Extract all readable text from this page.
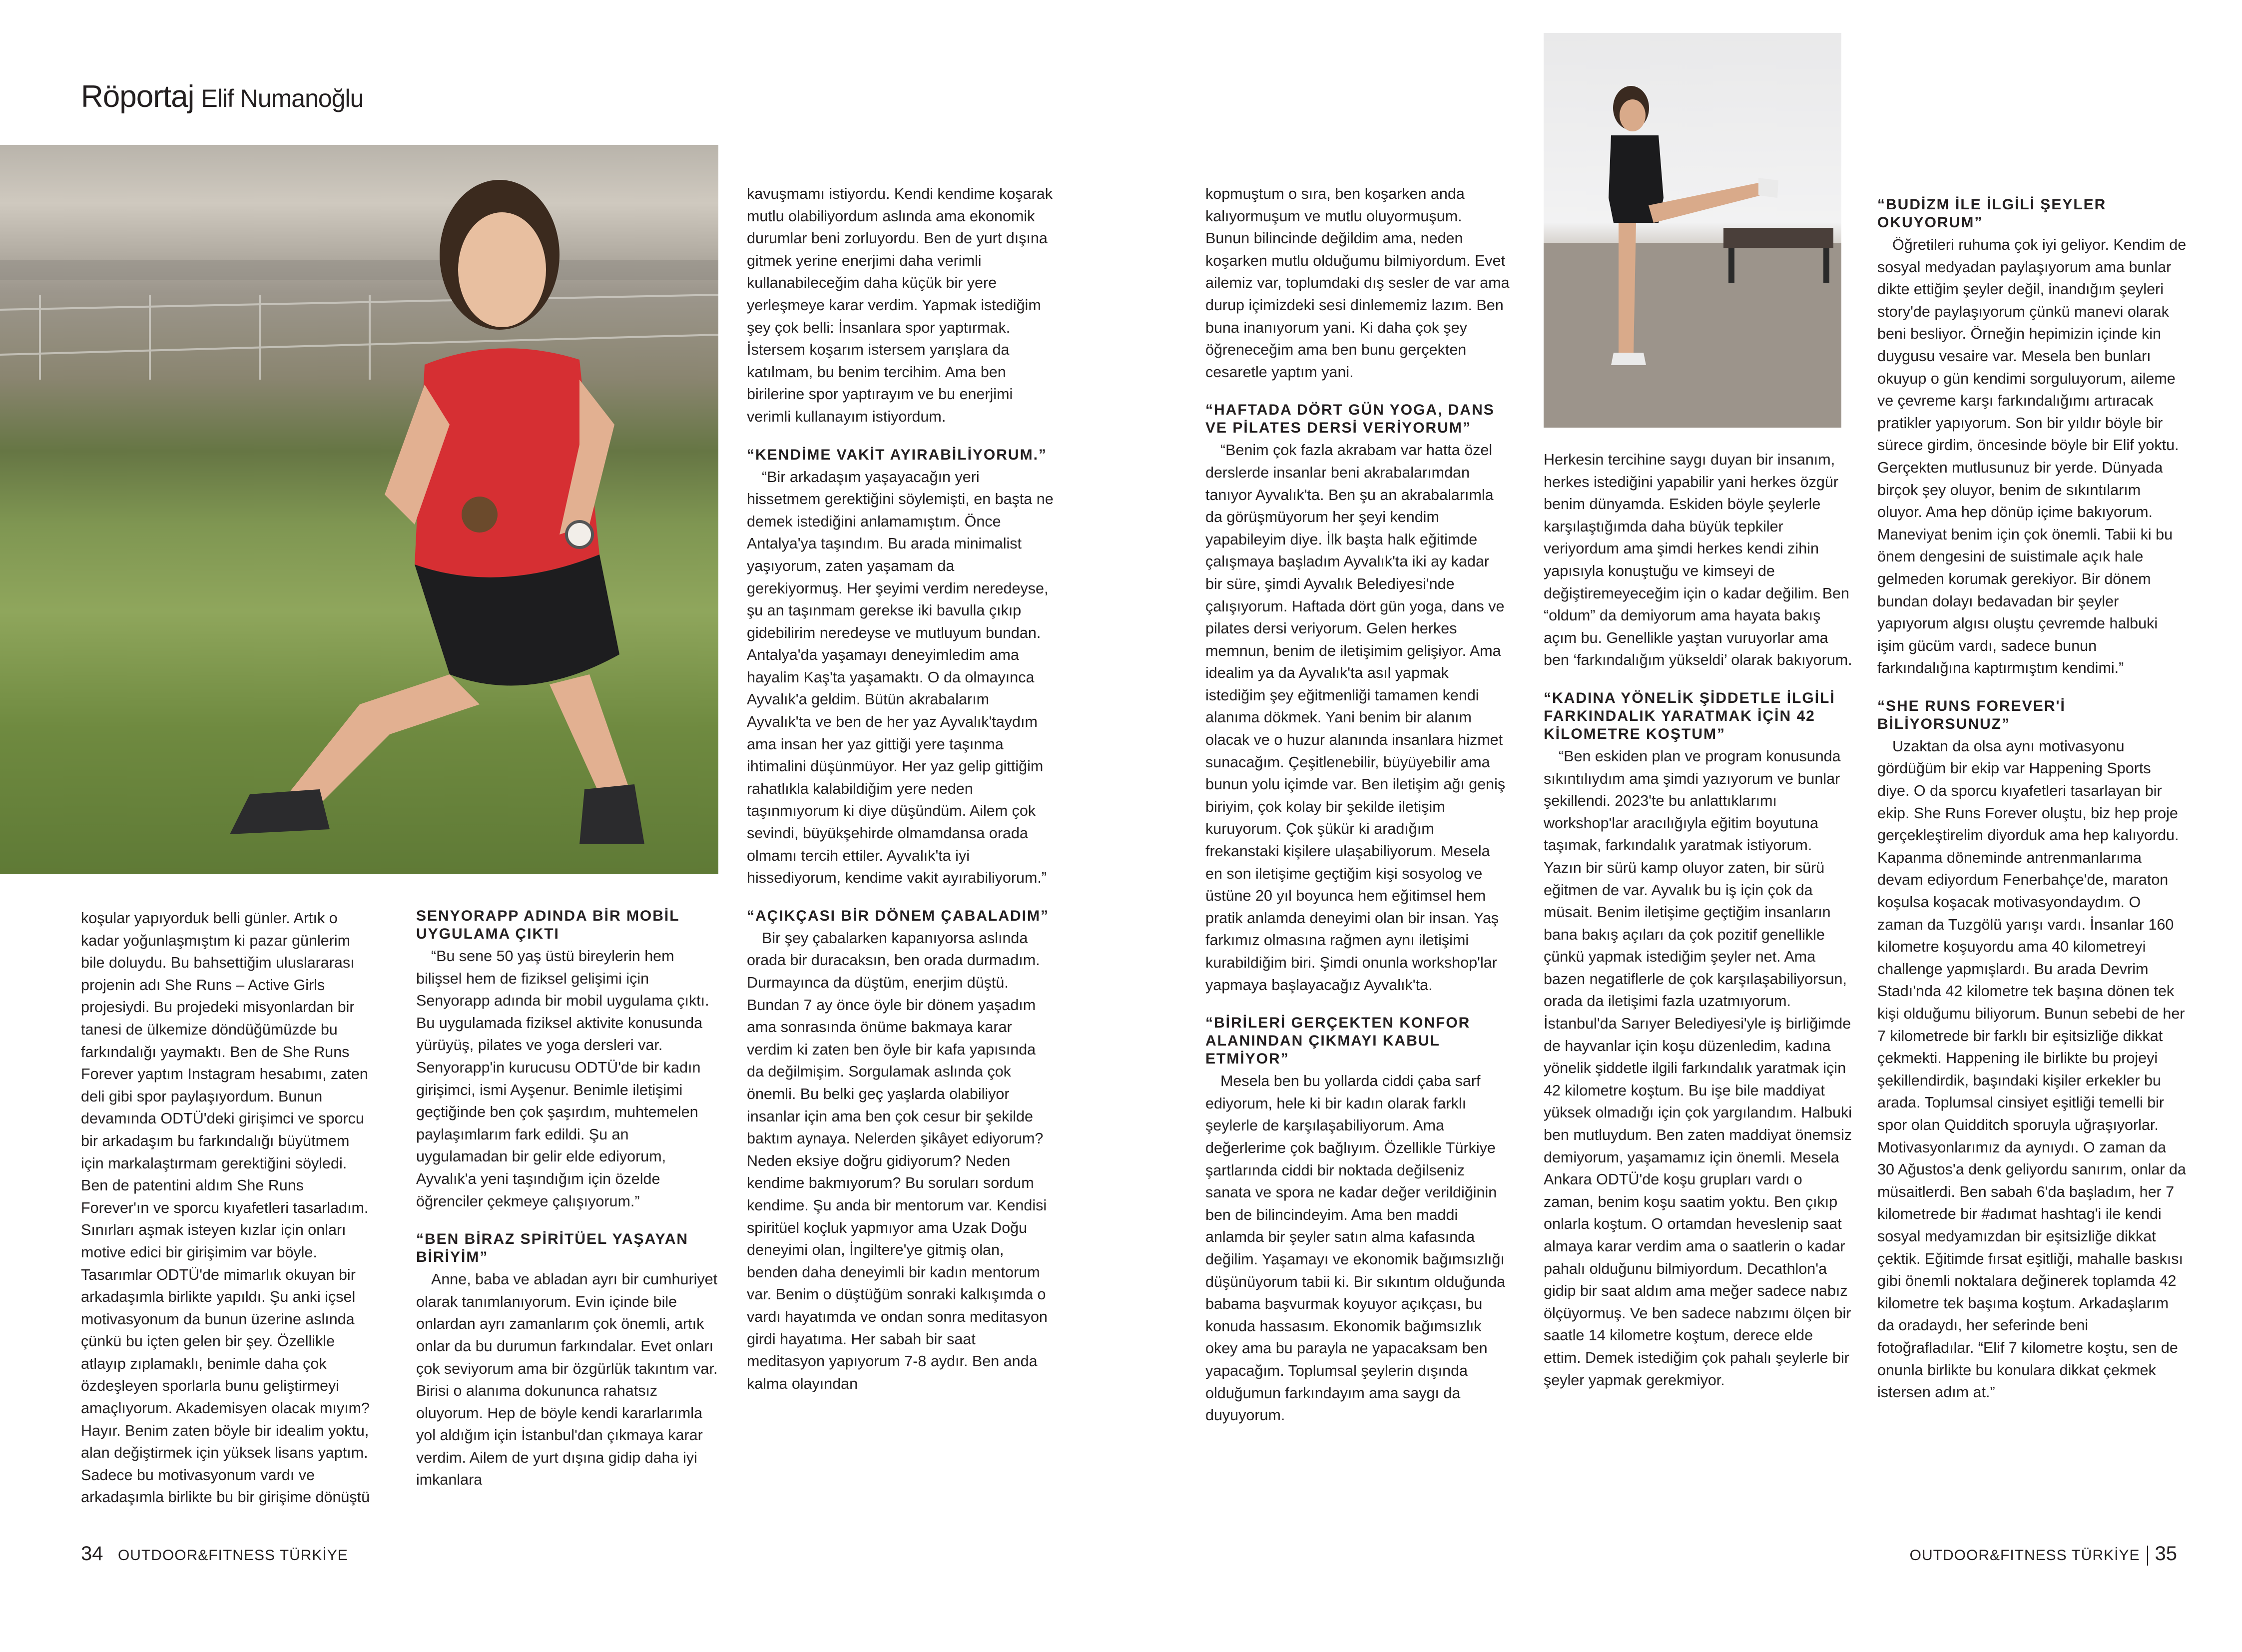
Röportaj Elif Numanoğlu

koşular yapıyorduk belli günler. Artık o kadar yoğunlaşmıştım ki pazar günlerim bile doluydu. Bu bahsettiğim uluslararası projenin adı She Runs – Active Girls projesiydi. Bu projedeki misyonlardan bir tanesi de ülkemize döndüğümüzde bu farkındalığı yaymaktı. Ben de She Runs Forever yaptım Instagram hesabımı, zaten deli gibi spor paylaşıyordum. Bunun devamında ODTÜ'deki girişimci ve sporcu bir arkadaşım bu farkındalığı büyütmem için markalaştırmam gerektiğini söyledi. Ben de patentini aldım She Runs Forever'ın ve sporcu kıyafetleri tasarladım. Sınırları aşmak isteyen kızlar için onları motive edici bir girişimim var böyle. Tasarımlar ODTÜ'de mimarlık okuyan bir arkadaşımla birlikte yapıldı. Şu anki içsel motivasyonum da bunun üzerine aslında çünkü bu içten gelen bir şey. Özellikle atlayıp zıplamaklı, benimle daha çok özdeşleyen sporlarla bunu geliştirmeyi amaçlıyorum. Akademisyen olacak mıyım? Hayır. Benim zaten böyle bir idealim yoktu, alan değiştirmek için yüksek lisans yaptım. Sadece bu motivasyonum vardı ve arkadaşımla birlikte bu bir girişime dönüştü

SENYORAPP ADINDA BİR MOBİL UYGULAMA ÇIKTI

“Bu sene 50 yaş üstü bireylerin hem bilişsel hem de fiziksel gelişimi için Senyorapp adında bir mobil uygulama çıktı. Bu uygulamada fiziksel aktivite konusunda yürüyüş, pilates ve yoga dersleri var. Senyorapp'in kurucusu ODTÜ'de bir kadın girişimci, ismi Ayşenur. Benimle iletişimi geçtiğinde ben çok şaşırdım, muhtemelen paylaşımlarım fark edildi. Şu an uygulamadan bir gelir elde ediyorum, Ayvalık'a yeni taşındığım için özelde öğrenciler çekmeye çalışıyorum.”

“BEN BİRAZ SPİRİTÜEL YAŞAYAN BİRİYİM”

Anne, baba ve abladan ayrı bir cumhuriyet olarak tanımlanıyorum. Evin içinde bile onlardan ayrı zamanlarım çok önemli, artık onlar da bu durumun farkındalar. Evet onları çok seviyorum ama bir özgürlük takıntım var. Birisi o alanıma dokununca rahatsız oluyorum. Hep de böyle kendi kararlarımla yol aldığım için İstanbul'dan çıkmaya karar verdim. Ailem de yurt dışına gidip daha iyi imkanlara

kavuşmamı istiyordu. Kendi kendime koşarak mutlu olabiliyordum aslında ama ekonomik durumlar beni zorluyordu. Ben de yurt dışına gitmek yerine enerjimi daha verimli kullanabileceğim daha küçük bir yere yerleşmeye karar verdim. Yapmak istediğim şey çok belli: İnsanlara spor yaptırmak. İstersem koşarım istersem yarışlara da katılmam, bu benim tercihim. Ama ben birilerine spor yaptırayım ve bu enerjimi verimli kullanayım istiyordum.

“KENDİME VAKİT AYIRABİLİYORUM.”

“Bir arkadaşım yaşayacağın yeri hissetmem gerektiğini söylemişti, en başta ne demek istediğini anlamamıştım. Önce Antalya'ya taşındım. Bu arada minimalist yaşıyorum, zaten yaşamam da gerekiyormuş. Her şeyimi verdim neredeyse, şu an taşınmam gerekse iki bavulla çıkıp gidebilirim neredeyse ve mutluyum bundan. Antalya'da yaşamayı deneyimledim ama hayalim Kaş'ta yaşamaktı. O da olmayınca Ayvalık'a geldim. Bütün akrabalarım Ayvalık'ta ve ben de her yaz Ayvalık'taydım ama insan her yaz gittiği yere taşınma ihtimalini düşünmüyor. Her yaz gelip gittiğim rahatlıkla kalabildiğim yere neden taşınmıyorum ki diye düşündüm. Ailem çok sevindi, büyükşehirde olmamdansa orada olmamı tercih ettiler. Ayvalık'ta iyi hissediyorum, kendime vakit ayırabiliyorum.”

“AÇIKÇASI BİR DÖNEM ÇABALADIM”

Bir şey çabalarken kapanıyorsa aslında orada bir duracaksın, ben orada durmadım. Durmayınca da düştüm, enerjim düştü. Bundan 7 ay önce öyle bir dönem yaşadım ama sonrasında önüme bakmaya karar verdim ki zaten ben öyle bir kafa yapısında da değilmişim. Sorgulamak aslında çok önemli. Bu belki geç yaşlarda olabiliyor insanlar için ama ben çok cesur bir şekilde baktım aynaya. Nelerden şikâyet ediyorum? Neden eksiye doğru gidiyorum? Neden kendime bakmıyorum? Bu soruları sordum kendime. Şu anda bir mentorum var. Kendisi spiritüel koçluk yapmıyor ama Uzak Doğu deneyimi olan, İngiltere'ye gitmiş olan, benden daha deneyimli bir kadın mentorum var. Benim o düştüğüm sonraki kalkışımda o vardı hayatımda ve ondan sonra meditasyon girdi hayatıma. Her sabah bir saat meditasyon yapıyorum 7-8 aydır. Ben anda kalma olayından

34 OUTDOOR&FITNESS TÜRKİYE

kopmuştum o sıra, ben koşarken anda kalıyormuşum ve mutlu oluyormuşum. Bunun bilincinde değildim ama, neden koşarken mutlu olduğumu bilmiyordum. Evet ailemiz var, toplumdaki dış sesler de var ama durup içimizdeki sesi dinlememiz lazım. Ben buna inanıyorum yani. Ki daha çok şey öğreneceğim ama ben bunu gerçekten cesaretle yaptım yani.

“HAFTADA DÖRT GÜN YOGA, DANS VE PİLATES DERSİ VERİYORUM”

“Benim çok fazla akrabam var hatta özel derslerde insanlar beni akrabalarımdan tanıyor Ayvalık'ta. Ben şu an akrabalarımla da görüşmüyorum her şeyi kendim yapabileyim diye. İlk başta halk eğitimde çalışmaya başladım Ayvalık'ta iki ay kadar bir süre, şimdi Ayvalık Belediyesi'nde çalışıyorum. Haftada dört gün yoga, dans ve pilates dersi veriyorum. Gelen herkes memnun, benim de iletişimim gelişiyor. Ama idealim ya da Ayvalık'ta asıl yapmak istediğim şey eğitmenliği tamamen kendi alanıma dökmek. Yani benim bir alanım olacak ve o huzur alanında insanlara hizmet sunacağım. Çeşitlenebilir, büyüyebilir ama bunun yolu içimde var. Ben iletişim ağı geniş biriyim, çok kolay bir şekilde iletişim kuruyorum. Çok şükür ki aradığım frekanstaki kişilere ulaşabiliyorum. Mesela en son iletişime geçtiğim kişi sosyolog ve üstüne 20 yıl boyunca hem eğitimsel hem pratik anlamda deneyimi olan bir insan. Yaş farkımız olmasına rağmen aynı iletişimi kurabildiğim biri. Şimdi onunla workshop'lar yapmaya başlayacağız Ayvalık'ta.

“BİRİLERİ GERÇEKTEN KONFOR ALANINDAN ÇIKMAYI KABUL ETMİYOR”

Mesela ben bu yollarda ciddi çaba sarf ediyorum, hele ki bir kadın olarak farklı şeylerle de karşılaşabiliyorum. Ama değerlerime çok bağlıyım. Özellikle Türkiye şartlarında ciddi bir noktada değilseniz sanata ve spora ne kadar değer verildiğinin ben de bilincindeyim. Ama ben maddi anlamda bir şeyler satın alma kafasında değilim. Yaşamayı ve ekonomik bağımsızlığı düşünüyorum tabii ki. Bir sıkıntım olduğunda babama başvurmak koyuyor açıkçası, bu konuda hassasım. Ekonomik bağımsızlık okey ama bu parayla ne yapacaksam ben yapacağım. Toplumsal şeylerin dışında olduğumun farkındayım ama saygı da duyuyorum.

Herkesin tercihine saygı duyan bir insanım, herkes istediğini yapabilir yani herkes özgür benim dünyamda. Eskiden böyle şeylerle karşılaştığımda daha büyük tepkiler veriyordum ama şimdi herkes kendi zihin yapısıyla konuştuğu ve kimseyi de değiştiremeyeceğim için o kadar değilim. Ben “oldum” da demiyorum ama hayata bakış açım bu. Genellikle yaştan vuruyorlar ama ben ‘farkındalığım yükseldi’ olarak bakıyorum.

“KADINA YÖNELİK ŞİDDETLE İLGİLİ FARKINDALIK YARATMAK İÇİN 42 KİLOMETRE KOŞTUM”

“Ben eskiden plan ve program konusunda sıkıntılıydım ama şimdi yazıyorum ve bunlar şekillendi. 2023'te bu anlattıklarımı workshop'lar aracılığıyla eğitim boyutuna taşımak, farkındalık yaratmak istiyorum. Yazın bir sürü kamp oluyor zaten, bir sürü eğitmen de var. Ayvalık bu iş için çok da müsait. Benim iletişime geçtiğim insanların bana bakış açıları da çok pozitif genellikle çünkü yapmak istediğim şeyler net. Ama bazen negatiflerle de çok karşılaşabiliyorsun, orada da iletişimi fazla uzatmıyorum. İstanbul'da Sarıyer Belediyesi'yle iş birliğimde de hayvanlar için koşu düzenledim, kadına yönelik şiddetle ilgili farkındalık yaratmak için 42 kilometre koştum. Bu işe bile maddiyat yüksek olmadığı için çok yargılandım. Halbuki ben mutluydum. Ben zaten maddiyat önemsiz demiyorum, yaşamamız için önemli. Mesela Ankara ODTÜ'de koşu grupları vardı o zaman, benim koşu saatim yoktu. Ben çıkıp onlarla koştum. O ortamdan heveslenip saat almaya karar verdim ama o saatlerin o kadar pahalı olduğunu bilmiyordum. Decathlon'a gidip bir saat aldım ama meğer sadece nabız ölçüyormuş. Ve ben sadece nabzımı ölçen bir saatle 14 kilometre koştum, derece elde ettim. Demek istediğim çok pahalı şeylerle bir şeyler yapmak gerekmiyor.

“BUDİZM İLE İLGİLİ ŞEYLER OKUYORUM”

Öğretileri ruhuma çok iyi geliyor. Kendim de sosyal medyadan paylaşıyorum ama bunlar dikte ettiğim şeyler değil, inandığım şeyleri story'de paylaşıyorum çünkü manevi olarak beni besliyor. Örneğin hepimizin içinde kin duygusu vesaire var. Mesela ben bunları okuyup o gün kendimi sorguluyorum, aileme ve çevreme karşı farkındalığımı artıracak pratikler yapıyorum. Son bir yıldır böyle bir sürece girdim, öncesinde böyle bir Elif yoktu. Gerçekten mutlusunuz bir yerde. Dünyada birçok şey oluyor, benim de sıkıntılarım oluyor. Ama hep dönüp içime bakıyorum. Maneviyat benim için çok önemli. Tabii ki bu önem dengesini de suistimale açık hale gelmeden korumak gerekiyor. Bir dönem bundan dolayı bedavadan bir şeyler yapıyorum algısı oluştu çevremde halbuki işim gücüm vardı, sadece bunun farkındalığına kaptırmıştım kendimi.”

“SHE RUNS FOREVER'İ BİLİYORSUNUZ”

Uzaktan da olsa aynı motivasyonu gördüğüm bir ekip var Happening Sports diye. O da sporcu kıyafetleri tasarlayan bir ekip. She Runs Forever oluştu, biz hep proje gerçekleştirelim diyorduk ama hep kalıyordu. Kapanma döneminde antrenmanlarıma devam ediyordum Fenerbahçe'de, maraton koşulsa koşacak motivasyondaydım. O zaman da Tuzgölü yarışı vardı. İnsanlar 160 kilometre koşuyordu ama 40 kilometreyi challenge yapmışlardı. Bu arada Devrim Stadı'nda 42 kilometre tek başına dönen tek kişi olduğumu biliyorum. Bunun sebebi de her 7 kilometrede bir farklı bir eşitsizliğe dikkat çekmekti. Happening ile birlikte bu projeyi şekillendirdik, başındaki kişiler erkekler bu arada. Toplumsal cinsiyet eşitliği temelli bir spor olan Quidditch sporuyla uğraşıyorlar. Motivasyonlarımız da aynıydı. O zaman da 30 Ağustos'a denk geliyordu sanırım, onlar da müsaitlerdi. Ben sabah 6'da başladım, her 7 kilometrede bir #adımat hashtag'i ile kendi sosyal medyamızdan bir eşitsizliğe dikkat çektik. Eğitimde fırsat eşitliği, mahalle baskısı gibi önemli noktalara değinerek toplamda 42 kilometre tek başıma koştum. Arkadaşlarım da oradaydı, her seferinde beni fotoğrafladılar. “Elif 7 kilometre koştu, sen de onunla birlikte bu konulara dikkat çekmek istersen adım at.”

OUTDOOR&FITNESS TÜRKİYE 35
